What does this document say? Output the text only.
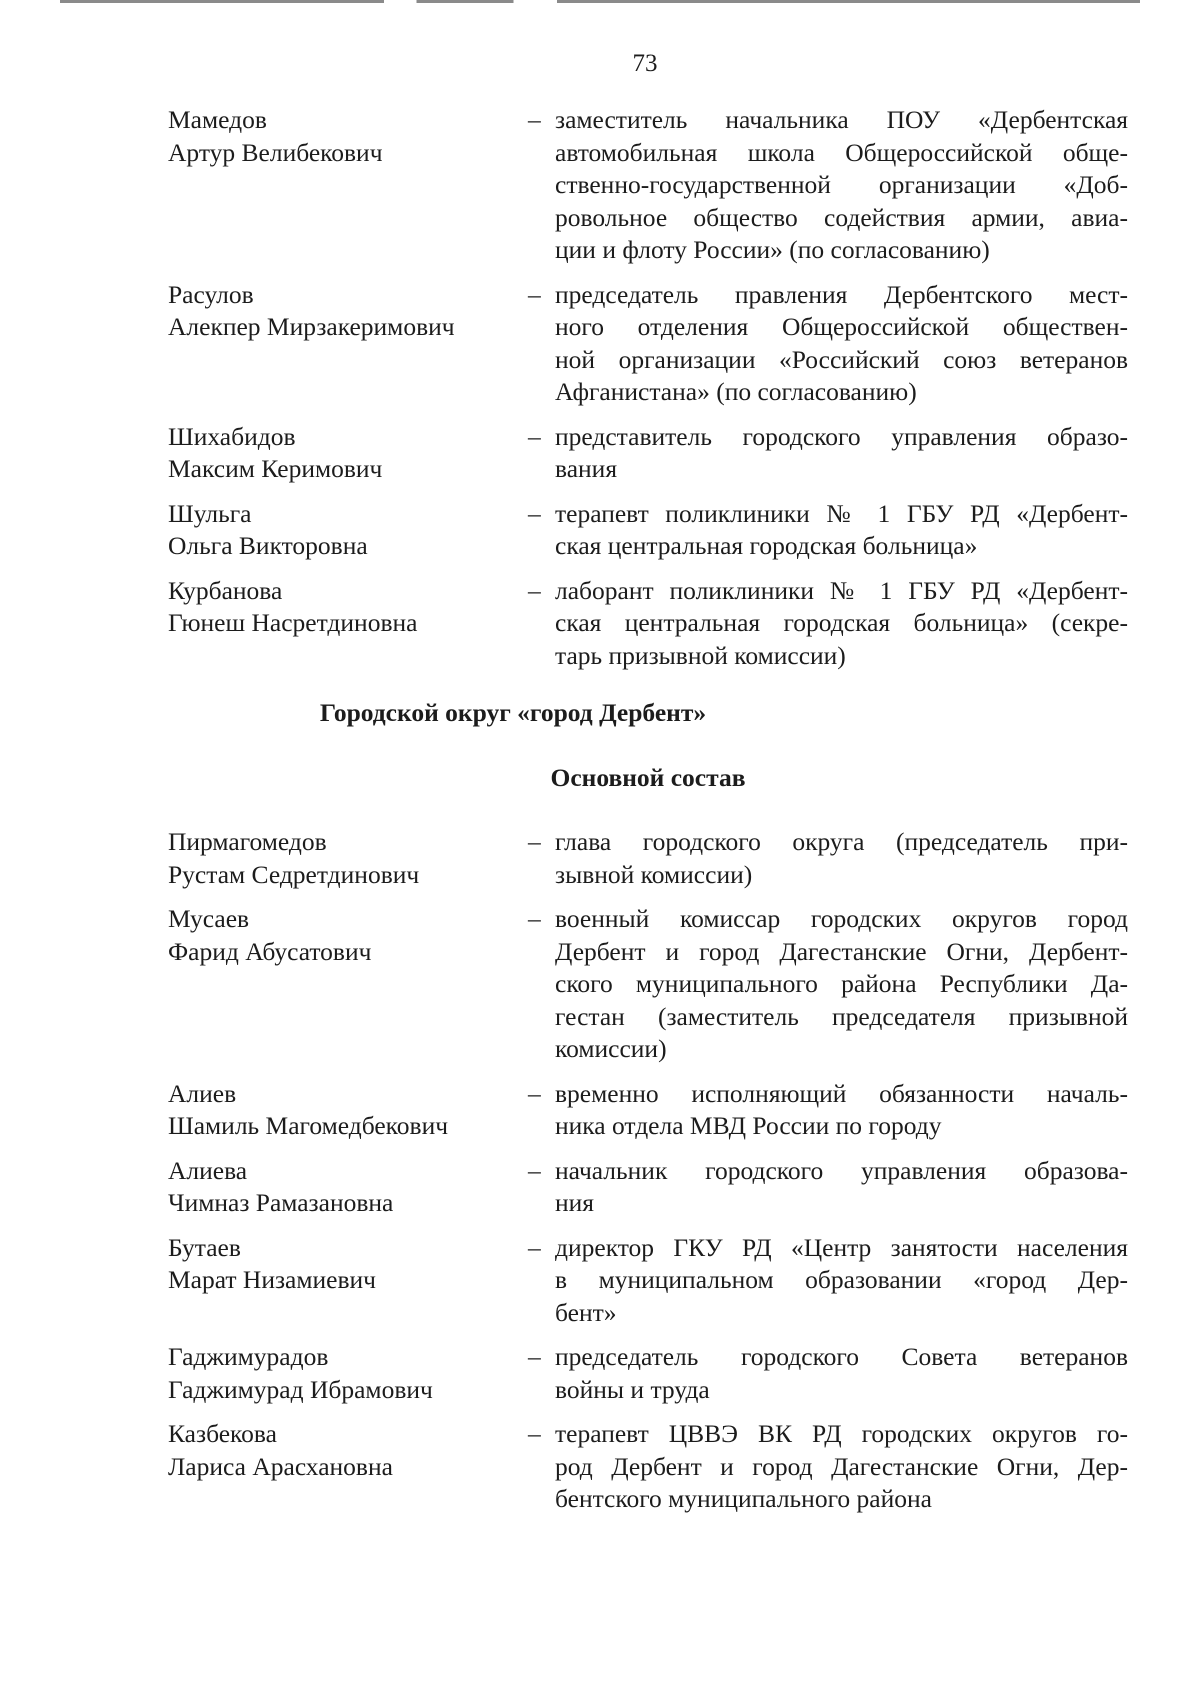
73
Мамедов
Артур Велибекович
– заместитель начальника ПОУ «Дербентская
автомобильная школа Общероссийской обще-
ственно-государственной организации «Доб-
ровольное общество содействия армии, авиа-
ции и флоту России» (по согласованию)
Расулов
Алекпер Мирзакеримович
– председатель правления Дербентского мест-
ного отделения Общероссийской обществен-
ной организации «Российский союз ветеранов
Афганистана» (по согласованию)
Шихабидов
Максим Керимович
– представитель городского управления образо-
вания
Шульга
Ольга Викторовна
– терапевт поликлиники № 1 ГБУ РД «Дербент-
ская центральная городская больница»
Курбанова
Гюнеш Насретдиновна
– лаборант поликлиники № 1 ГБУ РД «Дербент-
ская центральная городская больница» (секре-
тарь призывной комиссии)
Городской округ «город Дербент»
Основной состав
Пирмагомедов
Рустам Седретдинович
– глава городского округа (председатель при-
зывной комиссии)
Мусаев
Фарид Абусатович
– военный комиссар городских округов город
Дербент и город Дагестанские Огни, Дербент-
ского муниципального района Республики Да-
гестан (заместитель председателя призывной
комиссии)
Алиев
Шамиль Магомедбекович
– временно исполняющий обязанности началь-
ника отдела МВД России по городу
Алиева
Чимназ Рамазановна
– начальник городского управления образова-
ния
Бутаев
Марат Низамиевич
– директор ГКУ РД «Центр занятости населения
в муниципальном образовании «город Дер-
бент»
Гаджимурадов
Гаджимурад Ибрамович
– председатель городского Совета ветеранов
войны и труда
Казбекова
Лариса Арасхановна
– терапевт ЦВВЭ ВК РД городских округов го-
род Дербент и город Дагестанские Огни, Дер-
бентского муниципального района
